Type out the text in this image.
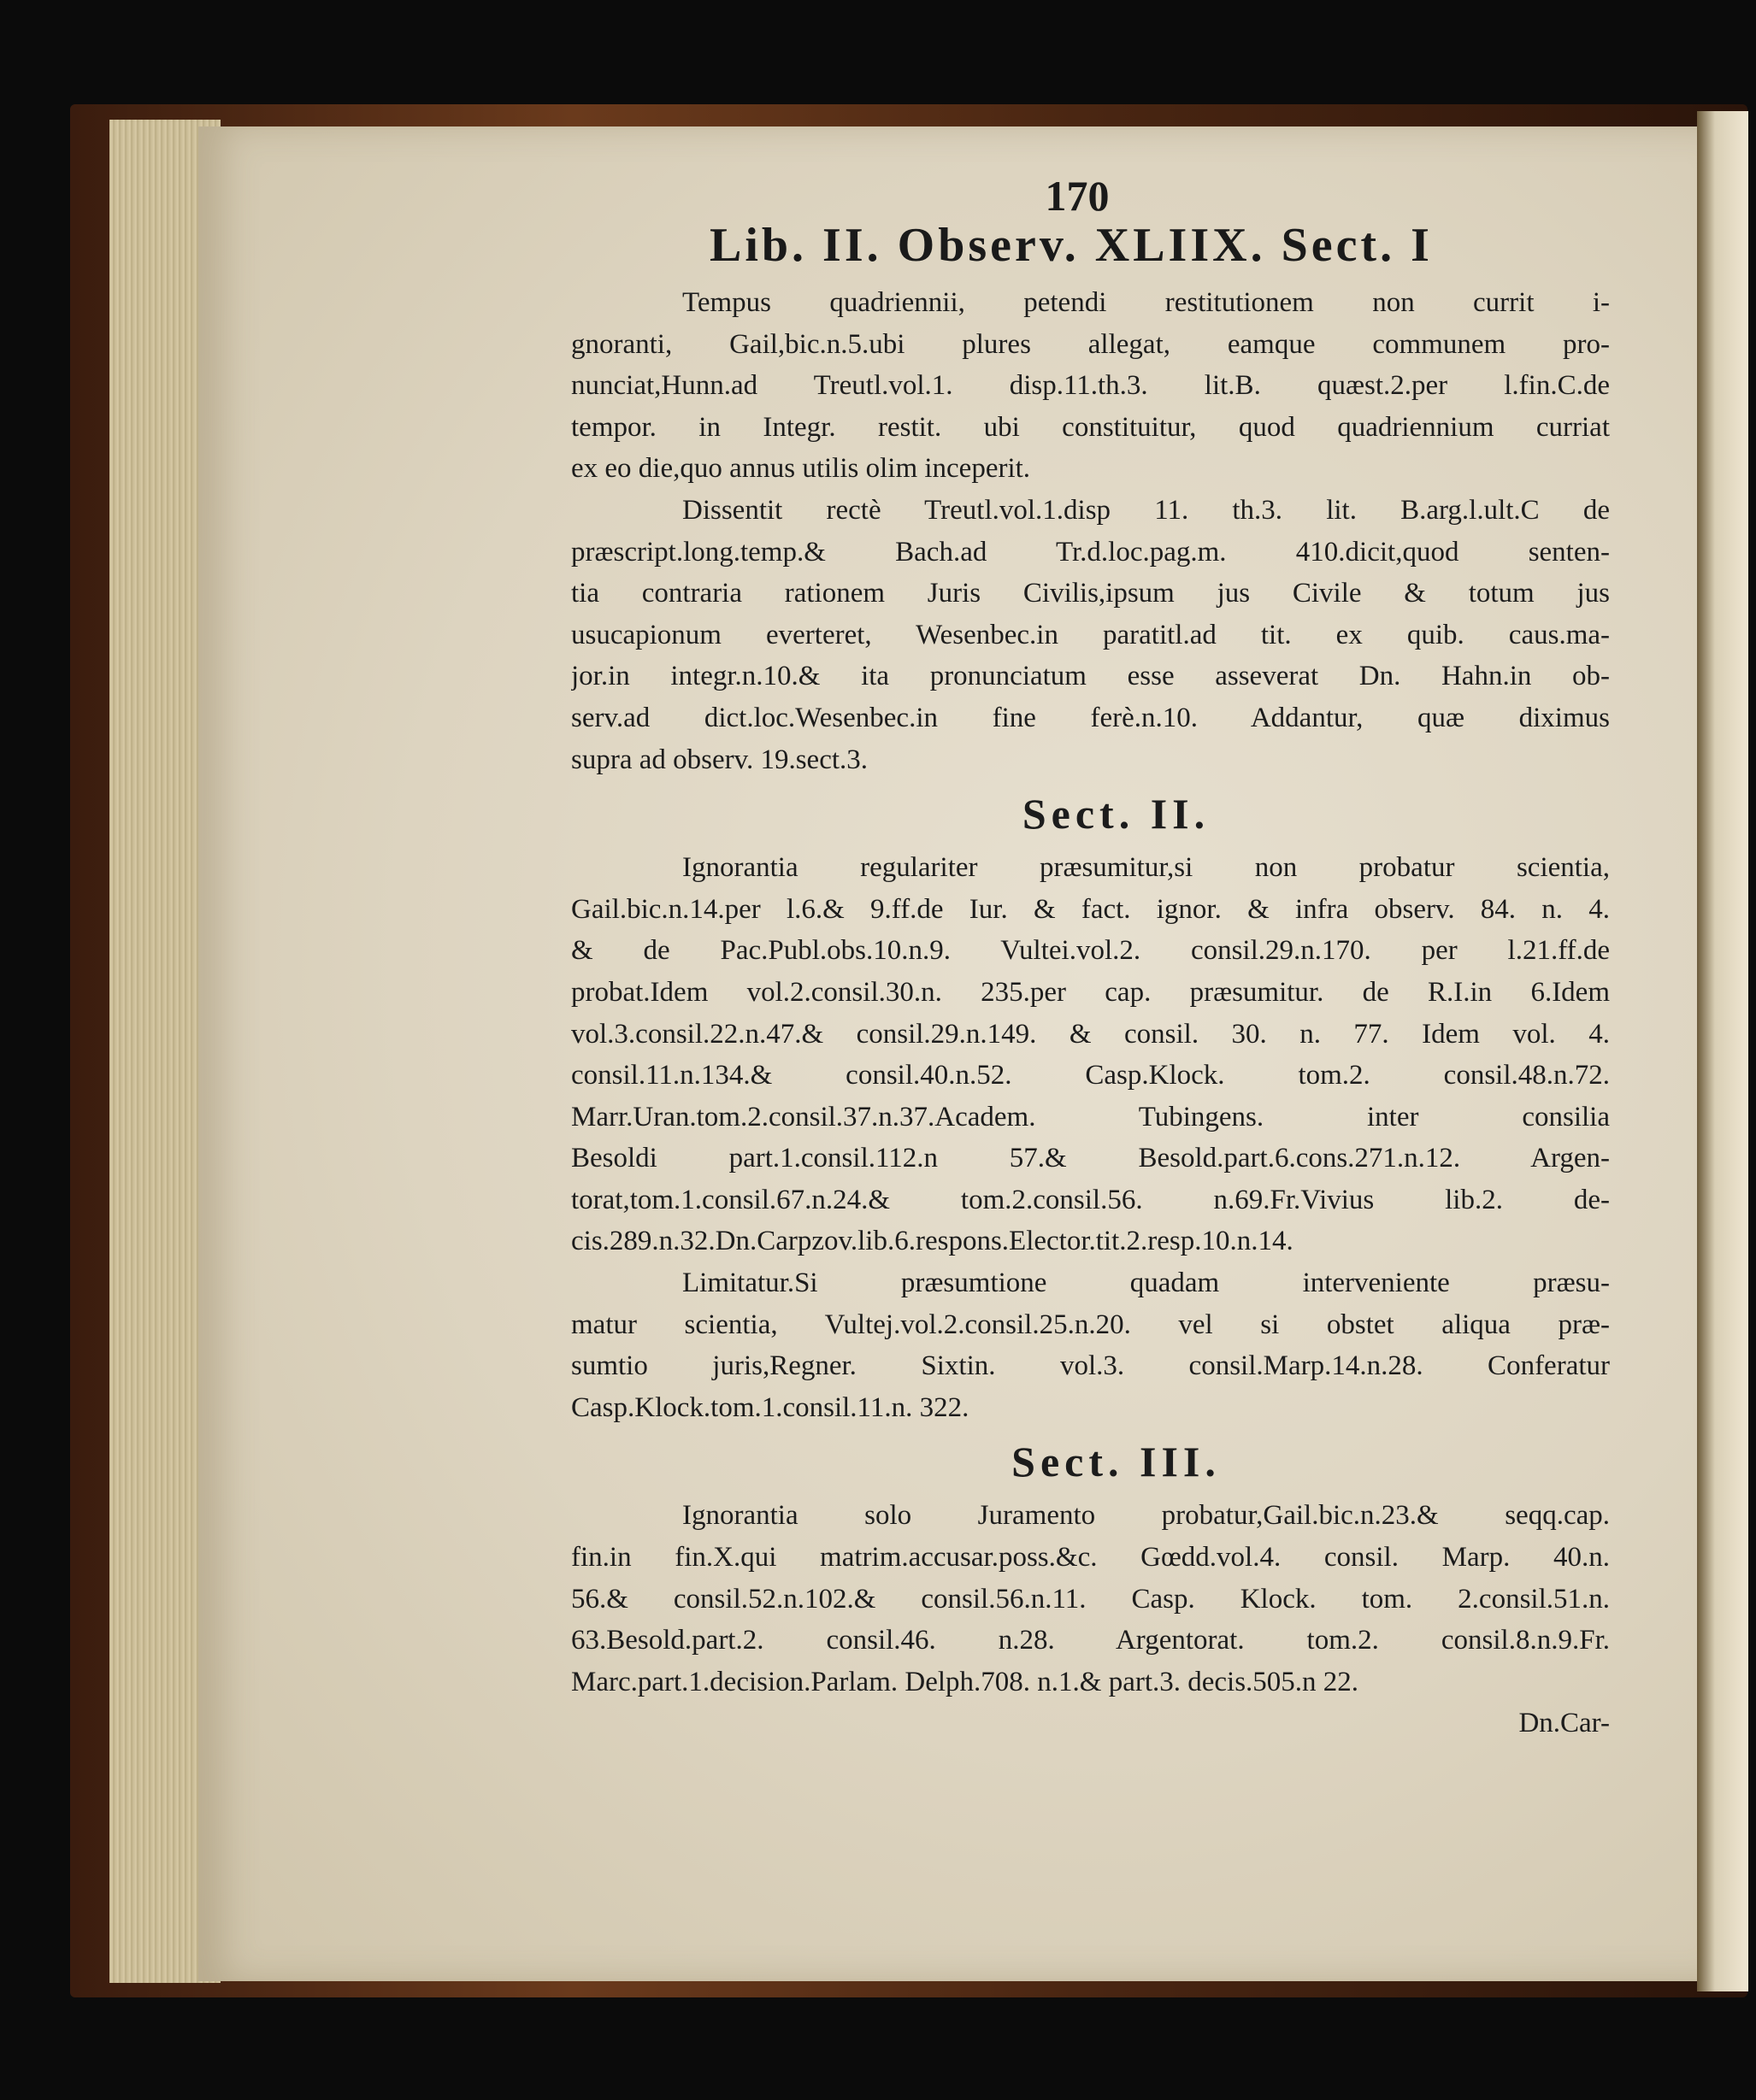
170
Lib. II. Observ. XLIIX. Sect. I
Tempus quadriennii, petendi restitutionem non currit i-
gnoranti, Gail,bic.n.5.ubi plures allegat, eamque communem pro-
nunciat,Hunn.ad Treutl.vol.1. disp.11.th.3. lit.B. quæst.2.per l.fin.C.de
tempor. in Integr. restit. ubi constituitur, quod quadriennium curriat
ex eo die,quo annus utilis olim inceperit.
Dissentit rectè Treutl.vol.1.disp 11. th.3. lit. B.arg.l.ult.C de
præscript.long.temp.& Bach.ad Tr.d.loc.pag.m. 410.dicit,quod senten-
tia contraria rationem Juris Civilis,ipsum jus Civile & totum jus
usucapionum everteret, Wesenbec.in paratitl.ad tit. ex quib. caus.ma-
jor.in integr.n.10.& ita pronunciatum esse asseverat Dn. Hahn.in ob-
serv.ad dict.loc.Wesenbec.in fine ferè.n.10. Addantur, quæ diximus
supra ad observ. 19.sect.3.
Sect. II.
Ignorantia regulariter præsumitur,si non probatur scientia,
Gail.bic.n.14.per l.6.& 9.ff.de Iur. & fact. ignor. & infra observ. 84. n. 4.
& de Pac.Publ.obs.10.n.9. Vultei.vol.2. consil.29.n.170. per l.21.ff.de
probat.Idem vol.2.consil.30.n. 235.per cap. præsumitur. de R.I.in 6.Idem
vol.3.consil.22.n.47.& consil.29.n.149. & consil. 30. n. 77. Idem vol. 4.
consil.11.n.134.& consil.40.n.52. Casp.Klock. tom.2. consil.48.n.72.
Marr.Uran.tom.2.consil.37.n.37.Academ. Tubingens. inter consilia
Besoldi part.1.consil.112.n 57.& Besold.part.6.cons.271.n.12. Argen-
torat,tom.1.consil.67.n.24.& tom.2.consil.56. n.69.Fr.Vivius lib.2. de-
cis.289.n.32.Dn.Carpzov.lib.6.respons.Elector.tit.2.resp.10.n.14.
Limitatur.Si præsumtione quadam interveniente præsu-
matur scientia, Vultej.vol.2.consil.25.n.20. vel si obstet aliqua præ-
sumtio juris,Regner. Sixtin. vol.3. consil.Marp.14.n.28. Conferatur
Casp.Klock.tom.1.consil.11.n. 322.
Sect. III.
Ignorantia solo Juramento probatur,Gail.bic.n.23.& seqq.cap.
fin.in fin.X.qui matrim.accusar.poss.&c. Gœdd.vol.4. consil. Marp. 40.n.
56.& consil.52.n.102.& consil.56.n.11. Casp. Klock. tom. 2.consil.51.n.
63.Besold.part.2. consil.46. n.28. Argentorat. tom.2. consil.8.n.9.Fr.
Marc.part.1.decision.Parlam. Delph.708. n.1.& part.3. decis.505.n 22.
Dn.Car-
